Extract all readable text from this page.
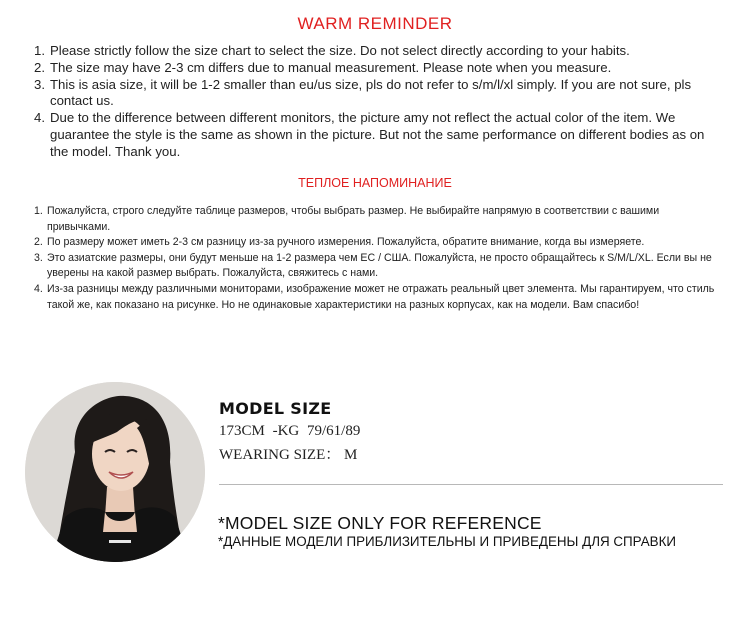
WARM REMINDER
1. Please strictly follow the size chart to select the size. Do not select directly according to your habits.
2. The size may have 2-3 cm differs due to manual measurement. Please note when you measure.
3. This is asia size, it will be 1-2 smaller than eu/us size, pls do not refer to s/m/l/xl simply. If you are not sure, pls contact us.
4. Due to the difference between different monitors, the picture amy not reflect the actual color of the item. We guarantee the style is the same as shown in the picture. But not the same performance on different bodies as on the model. Thank you.
ТЕПЛОЕ НАПОМИНАНИЕ
1. Пожалуйста, строго следуйте таблице размеров, чтобы выбрать размер. Не выбирайте напрямую в соответствии с вашими привычками.
2. По размеру может иметь 2-3 см разницу из-за ручного измерения. Пожалуйста, обратите внимание, когда вы измеряете.
3. Это азиатские размеры, они будут меньше на 1-2 размера чем ЕС / США. Пожалуйста, не просто обращайтесь к S/M/L/XL. Если вы не уверены на какой размер выбрать. Пожалуйста, свяжитесь с нами.
4. Из-за разницы между различными мониторами, изображение может не отражать реальный цвет элемента. Мы гарантируем, что стиль такой же, как показано на рисунке. Но не одинаковые характеристики на разных корпусах, как на модели. Вам спасибо!
MODEL SIZE
173CM -KG 79/61/89
WEARING SIZE： M
*MODEL SIZE ONLY FOR REFERENCE
*ДАННЫЕ МОДЕЛИ ПРИБЛИЗИТЕЛЬНЫ И ПРИВЕДЕНЫ ДЛЯ СПРАВКИ
